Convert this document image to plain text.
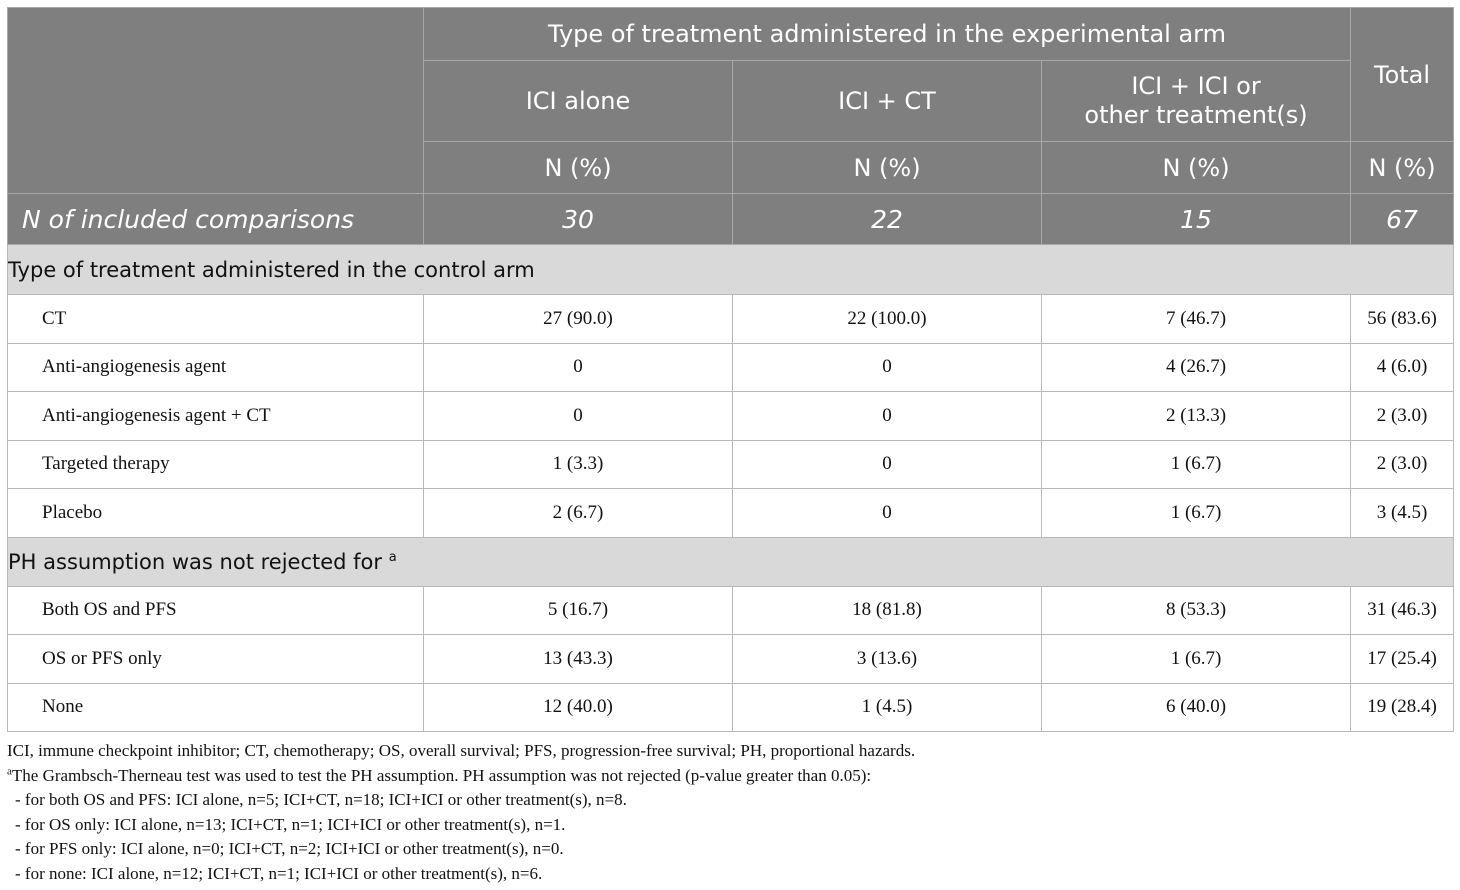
	Type of treatment administered in the experimental arm			Total
	ICI alone	ICI + CT	ICI + ICI or
other treatment(s)	
	N (%)	N (%)	N (%)	N (%)
N of included comparisons	30	22	15	67
Type of treatment administered in the control arm				
CT	27 (90.0)	22 (100.0)	7 (46.7)	56 (83.6)
Anti-angiogenesis agent	0	0	4 (26.7)	4 (6.0)
Anti-angiogenesis agent + CT	0	0	2 (13.3)	2 (3.0)
Targeted therapy	1 (3.3)	0	1 (6.7)	2 (3.0)
Placebo	2 (6.7)	0	1 (6.7)	3 (4.5)
PH assumption was not rejected for $^a$
Both OS and PFS	5 (16.7)	18 (81.8)	8 (53.3)	31 (46.3)
OS or PFS only	13 (43.3)	3 (13.6)	1 (6.7)	17 (25.4)
None	12 (40.0)	1 (4.5)	6 (40.0)	19 (28.4)
ICI, immune checkpoint inhibitor; CT, chemotherapy; OS, overall survival; PFS, progression-free survival; PH, proportional hazards.
$^a$The Grambsch-Therneau test was used to test the PH assumption. PH assumption was not rejected (p-value greater than 0.05):
- for both OS and PFS: ICI alone, n=5; ICI+CT, n=18; ICI+ICI or other treatment(s), n=8.
- for OS only: ICI alone, n=13; ICI+CT, n=1; ICI+ICI or other treatment(s), n=1.
- for PFS only: ICI alone, n=0; ICI+CT, n=2; ICI+ICI or other treatment(s), n=0.
- for none: ICI alone, n=12; ICI+CT, n=1; ICI+ICI or other treatment(s), n=6.
